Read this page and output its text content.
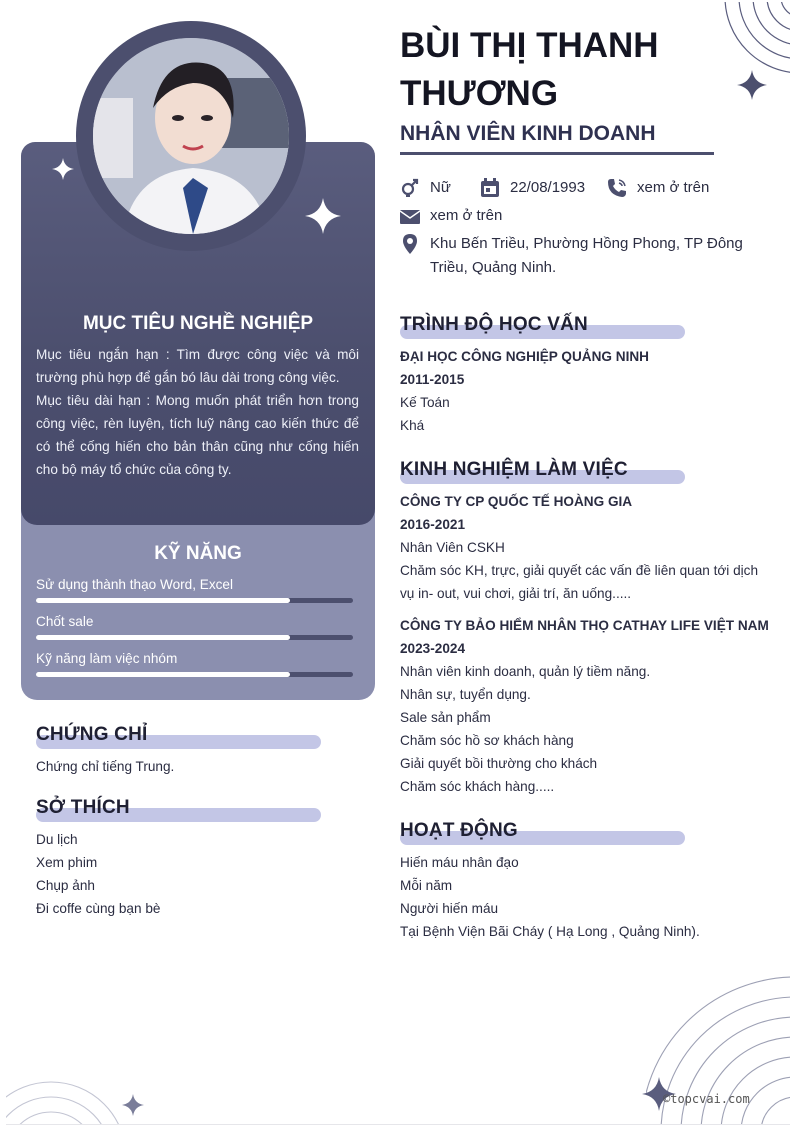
MỤC TIÊU NGHỀ NGHIỆP

Mục tiêu ngắn hạn : Tìm được công việc và môi trường phù hợp để gắn bó lâu dài trong công việc.

Mục tiêu dài hạn : Mong muốn phát triển hơn trong công việc, rèn luyện, tích luỹ nâng cao kiến thức để có thể cống hiến cho bản thân cũng như cống hiến cho bộ máy tổ chức của công ty.

KỸ NĂNG
Sử dụng thành thạo Word, Excel
Chốt sale
Kỹ năng làm việc nhóm
CHỨNG CHỈ
Chứng chỉ tiếng Trung.
SỞ THÍCH
Du lịch
Xem phim
Chụp ảnh
Đi coffe cùng bạn bè
BÙI THỊ THANH
THƯƠNG
NHÂN VIÊN KINH DOANH
Nữ	22/08/1993	xem ở trên
xem ở trên
Khu Bến Triều, Phường Hồng Phong, TP Đông
Triều, Quảng Ninh.
TRÌNH ĐỘ HỌC VẤN
ĐẠI HỌC CÔNG NGHIỆP QUẢNG NINH
2011-2015
Kế Toán
Khá
KINH NGHIỆM LÀM VIỆC
CÔNG TY CP QUỐC TẾ HOÀNG GIA
2016-2021
Nhân Viên CSKH
Chăm sóc KH, trực, giải quyết các vấn đề liên quan tới dịch
vụ in- out, vui chơi, giải trí, ăn uống.....
CÔNG TY BẢO HIỂM NHÂN THỌ CATHAY LIFE VIỆT NAM
2023-2024
Nhân viên kinh doanh, quản lý tiềm năng.
Nhân sự, tuyển dụng.
Sale sản phẩm
Chăm sóc hồ sơ khách hàng
Giải quyết bồi thường cho khách
Chăm sóc khách hàng.....
HOẠT ĐỘNG
Hiến máu nhân đạo
Mỗi năm
Người hiến máu
Tại Bệnh Viện Bãi Cháy ( Hạ Long , Quảng Ninh).
©topcvai.com
